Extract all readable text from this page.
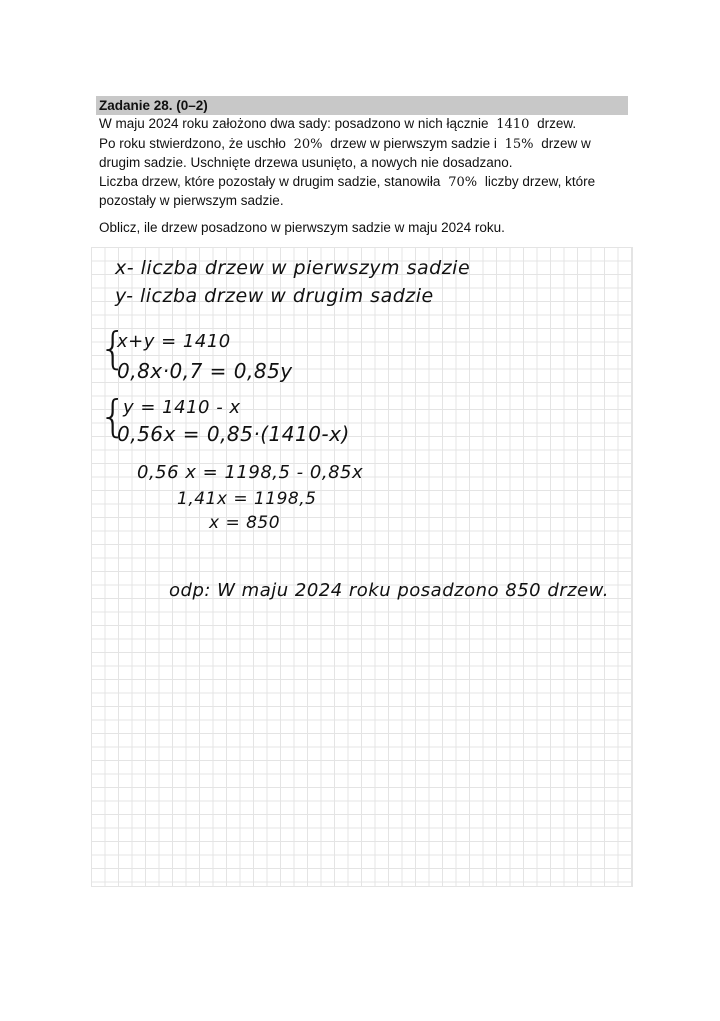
Zadanie 28. (0–2)

W maju 2024 roku założono dwa sady: posadzono w nich łącznie 1410 drzew.

Po roku stwierdzono, że uschło 20% drzew w pierwszym sadzie i 15% drzew w drugim sadzie. Uschnięte drzewa usunięto, a nowych nie dosadzano.

Liczba drzew, które pozostały w drugim sadzie, stanowiła 70% liczby drzew, które pozostały w pierwszym sadzie.

Oblicz, ile drzew posadzono w pierwszym sadzie w maju 2024 roku.

x- liczba drzew w pierwszym sadzie
y- liczba drzew w drugim sadzie
{
x+y = 1410
0,8x·0,7 = 0,85y
{
y = 1410 - x
0,56x = 0,85·(1410-x)
0,56 x = 1198,5 - 0,85x
1,41x = 1198,5
x = 850
odp: W maju 2024 roku posadzono 850 drzew.
